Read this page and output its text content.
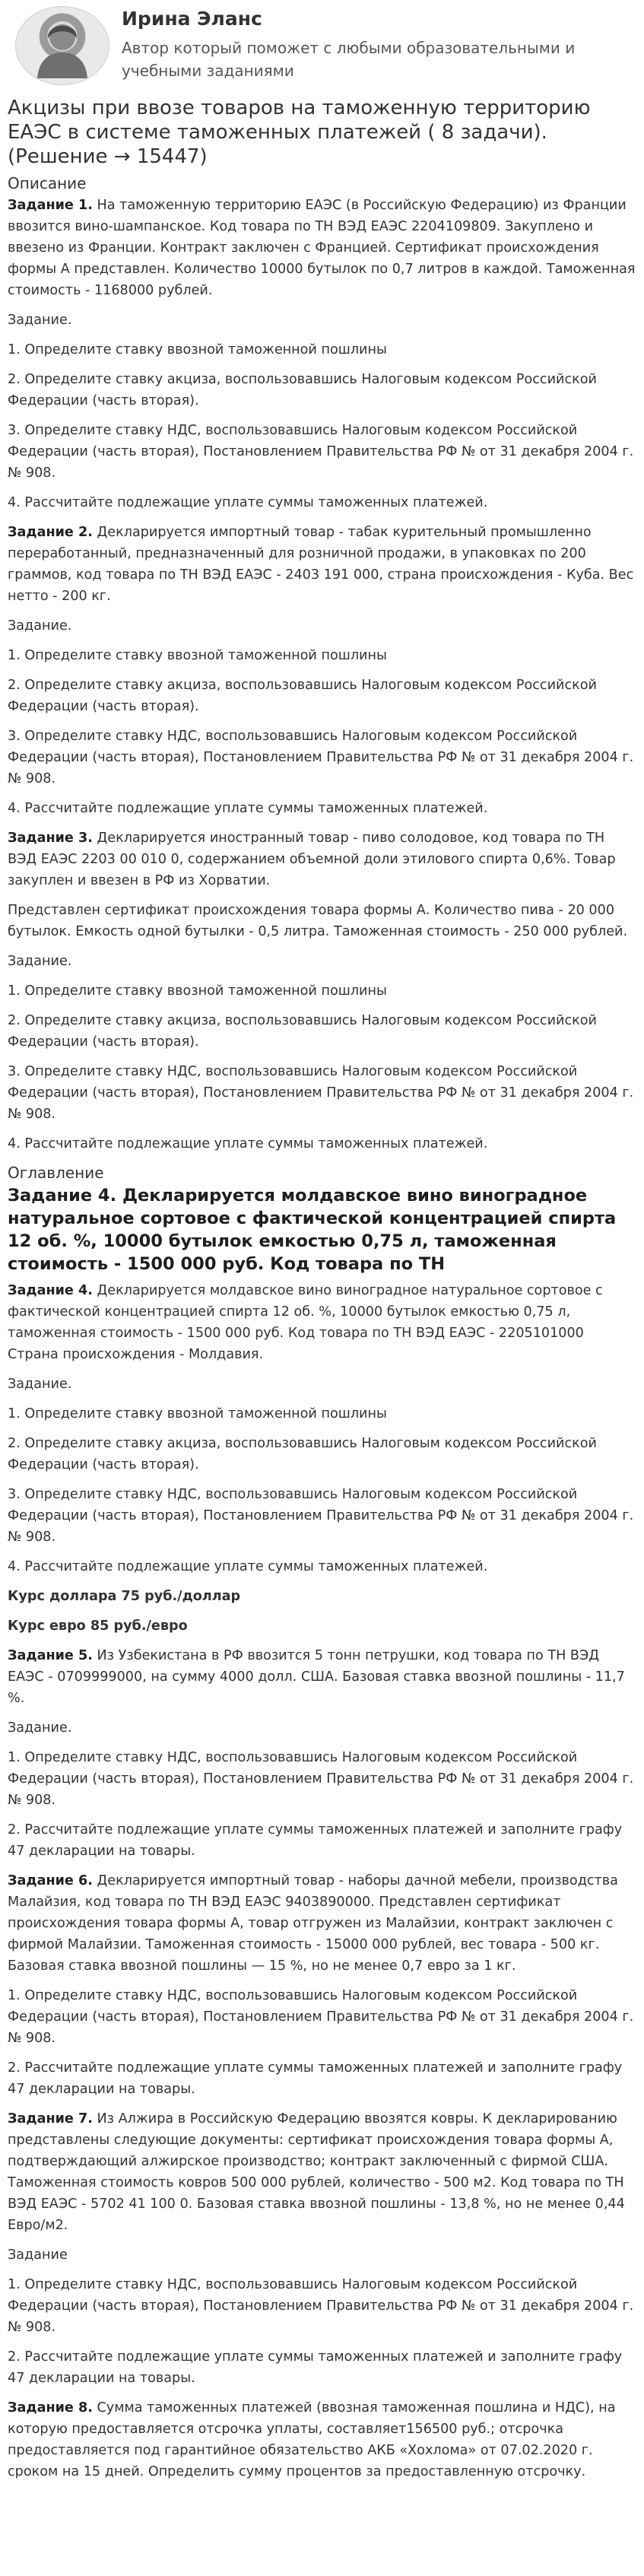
Ирина Эланс
Автор который поможет с любыми образовательными и учебными заданиями
Акцизы при ввозе товаров на таможенную территорию ЕАЭС в системе таможенных платежей ( 8 задачи). (Решение → 15447)
Описание

Задание 1. На таможенную территорию ЕАЭС (в Российскую Федерацию) из Франции ввозится вино-шампанское. Код товара по ТН ВЭД ЕАЭС 2204109809. Закуплено и ввезено из Франции. Контракт заключен с Францией. Сертификат происхождения формы А представлен. Количество 10000 бутылок по 0,7 литров в каждой. Таможенная стоимость - 1168000 рублей.

Задание.

1. Определите ставку ввозной таможенной пошлины

2. Определите ставку акциза, воспользовавшись Налоговым кодексом Российской Федерации (часть вторая).

3. Определите ставку НДС, воспользовавшись Налоговым кодексом Российской Федерации (часть вторая), Постановлением Правительства РФ № от 31 декабря 2004 г. № 908.

4. Рассчитайте подлежащие уплате суммы таможенных платежей.

Задание 2. Декларируется импортный товар - табак курительный промышленно переработанный, предназначенный для розничной продажи, в упаковках по 200 граммов, код товара по ТН ВЭД ЕАЭС - 2403 191 000, страна происхождения - Куба. Вес нетто - 200 кг.

Задание.

1. Определите ставку ввозной таможенной пошлины

2. Определите ставку акциза, воспользовавшись Налоговым кодексом Российской Федерации (часть вторая).

3. Определите ставку НДС, воспользовавшись Налоговым кодексом Российской Федерации (часть вторая), Постановлением Правительства РФ № от 31 декабря 2004 г. № 908.

4. Рассчитайте подлежащие уплате суммы таможенных платежей.

Задание 3. Декларируется иностранный товар - пиво солодовое, код товара по ТН ВЭД ЕАЭС 2203 00 010 0, содержанием объемной доли этилового спирта 0,6%. Товар закуплен и ввезен в РФ из Хорватии.

Представлен сертификат происхождения товара формы А. Количество пива - 20 000 бутылок. Емкость одной бутылки - 0,5 литра. Таможенная стоимость - 250 000 рублей.

Задание.

1. Определите ставку ввозной таможенной пошлины

2. Определите ставку акциза, воспользовавшись Налоговым кодексом Российской Федерации (часть вторая).

3. Определите ставку НДС, воспользовавшись Налоговым кодексом Российской Федерации (часть вторая), Постановлением Правительства РФ № от 31 декабря 2004 г. № 908.

4. Рассчитайте подлежащие уплате суммы таможенных платежей.

Оглавление
Задание 4. Декларируется молдавское вино виноградное натуральное сортовое с фактической концентрацией спирта 12 об. %, 10000 бутылок емкостью 0,75 л, таможенная стоимость - 1500 000 руб. Код товара по ТН

Задание 4. Декларируется молдавское вино виноградное натуральное сортовое с фактической концентрацией спирта 12 об. %, 10000 бутылок емкостью 0,75 л, таможенная стоимость - 1500 000 руб. Код товара по ТН ВЭД ЕАЭС - 2205101000 Страна происхождения - Молдавия.

Задание.

1. Определите ставку ввозной таможенной пошлины

2. Определите ставку акциза, воспользовавшись Налоговым кодексом Российской Федерации (часть вторая).

3. Определите ставку НДС, воспользовавшись Налоговым кодексом Российской Федерации (часть вторая), Постановлением Правительства РФ № от 31 декабря 2004 г. № 908.

4. Рассчитайте подлежащие уплате суммы таможенных платежей.

Курс доллара 75 руб./доллар

Курс евро 85 руб./евро

Задание 5. Из Узбекистана в РФ ввозится 5 тонн петрушки, код товара по ТН ВЭД ЕАЭС - 0709999000, на сумму 4000 долл. США. Базовая ставка ввозной пошлины - 11,7 %.

Задание.

1. Определите ставку НДС, воспользовавшись Налоговым кодексом Российской Федерации (часть вторая), Постановлением Правительства РФ № от 31 декабря 2004 г. № 908.

2. Рассчитайте подлежащие уплате суммы таможенных платежей и заполните графу 47 декларации на товары.

Задание 6. Декларируется импортный товар - наборы дачной мебели, производства Малайзия, код товара по ТН ВЭД ЕАЭС 9403890000. Представлен сертификат происхождения товара формы А, товар отгружен из Малайзии, контракт заключен с фирмой Малайзии. Таможенная стоимость - 15000 000 рублей, вес товара - 500 кг. Базовая ставка ввозной пошлины — 15 %, но не менее 0,7 евро за 1 кг.

1. Определите ставку НДС, воспользовавшись Налоговым кодексом Российской Федерации (часть вторая), Постановлением Правительства РФ № от 31 декабря 2004 г. № 908.

2. Рассчитайте подлежащие уплате суммы таможенных платежей и заполните графу 47 декларации на товары.

Задание 7. Из Алжира в Российскую Федерацию ввозятся ковры. К декларированию представлены следующие документы: сертификат происхождения товара формы А, подтверждающий алжирское производство; контракт заключенный с фирмой США. Таможенная стоимость ковров 500 000 рублей, количество - 500 м2. Код товара по ТН ВЭД ЕАЭС - 5702 41 100 0. Базовая ставка ввозной пошлины - 13,8 %, но не менее 0,44 Евро/м2.

Задание

1. Определите ставку НДС, воспользовавшись Налоговым кодексом Российской Федерации (часть вторая), Постановлением Правительства РФ № от 31 декабря 2004 г. № 908.

2. Рассчитайте подлежащие уплате суммы таможенных платежей и заполните графу 47 декларации на товары.

Задание 8. Сумма таможенных платежей (ввозная таможенная пошлина и НДС), на которую предоставляется отсрочка уплаты, составляет156500 руб.; отсрочка предоставляется под гарантийное обязательство АКБ «Хохлома» от 07.02.2020 г. сроком на 15 дней. Определить сумму процентов за предоставленную отсрочку.
